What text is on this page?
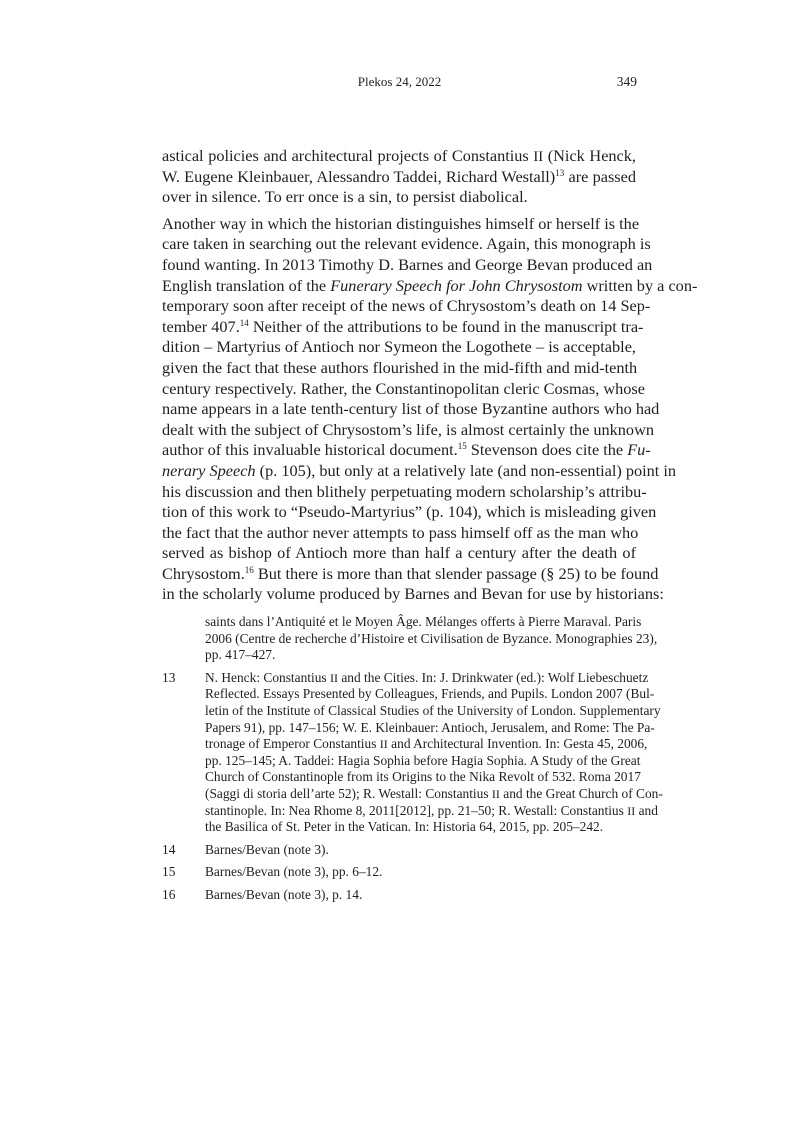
Plekos 24, 2022	349
astical policies and architectural projects of Constantius II (Nick Henck,
W. Eugene Kleinbauer, Alessandro Taddei, Richard Westall)$^{13}$ are passed
over in silence. To err once is a sin, to persist diabolical.
Another way in which the historian distinguishes himself or herself is the
care taken in searching out the relevant evidence. Again, this monograph is
found wanting. In 2013 Timothy D. Barnes and George Bevan produced an
English translation of the Funerary Speech for John Chrysostom written by a con-
temporary soon after receipt of the news of Chrysostom’s death on 14 Sep-
tember 407.14 Neither of the attributions to be found in the manuscript tra-
dition – Martyrius of Antioch nor Symeon the Logothete – is acceptable,
given the fact that these authors flourished in the mid-fifth and mid-tenth
century respectively. Rather, the Constantinopolitan cleric Cosmas, whose
name appears in a late tenth-century list of those Byzantine authors who had
dealt with the subject of Chrysostom’s life, is almost certainly the unknown
author of this invaluable historical document.$^{15}$ Stevenson does cite the Fu-
nerary Speech (p. 105), but only at a relatively late (and non-essential) point in
his discussion and then blithely perpetuating modern scholarship’s attribu-
tion of this work to “Pseudo-Martyrius” (p. 104), which is misleading given
the fact that the author never attempts to pass himself off as the man who
served as bishop of Antioch more than half a century after the death of
Chrysostom.$^{16}$ But there is more than that slender passage (§ 25) to be found
in the scholarly volume produced by Barnes and Bevan for use by historians:
saints dans l’Antiquité et le Moyen Âge. Mélanges offerts à Pierre Maraval. Paris
2006 (Centre de recherche d’Histoire et Civilisation de Byzance. Monographies 23),
pp. 417–427.
13 N. Henck: Constantius II and the Cities. In: J. Drinkwater (ed.): Wolf Liebeschuetz
Reflected. Essays Presented by Colleagues, Friends, and Pupils. London 2007 (Bul-
letin of the Institute of Classical Studies of the University of London. Supplementary
Papers 91), pp. 147–156; W. E. Kleinbauer: Antioch, Jerusalem, and Rome: The Pa-
tronage of Emperor Constantius II and Architectural Invention. In: Gesta 45, 2006,
pp. 125–145; A. Taddei: Hagia Sophia before Hagia Sophia. A Study of the Great
Church of Constantinople from its Origins to the Nika Revolt of 532. Roma 2017
(Saggi di storia dell’arte 52); R. Westall: Constantius II and the Great Church of Con-
stantinople. In: Nea Rhome 8, 2011[2012], pp. 21–50; R. Westall: Constantius II and
the Basilica of St. Peter in the Vatican. In: Historia 64, 2015, pp. 205–242.
14 Barnes/Bevan (note 3).
15 Barnes/Bevan (note 3), pp. 6–12.
16 Barnes/Bevan (note 3), p. 14.
